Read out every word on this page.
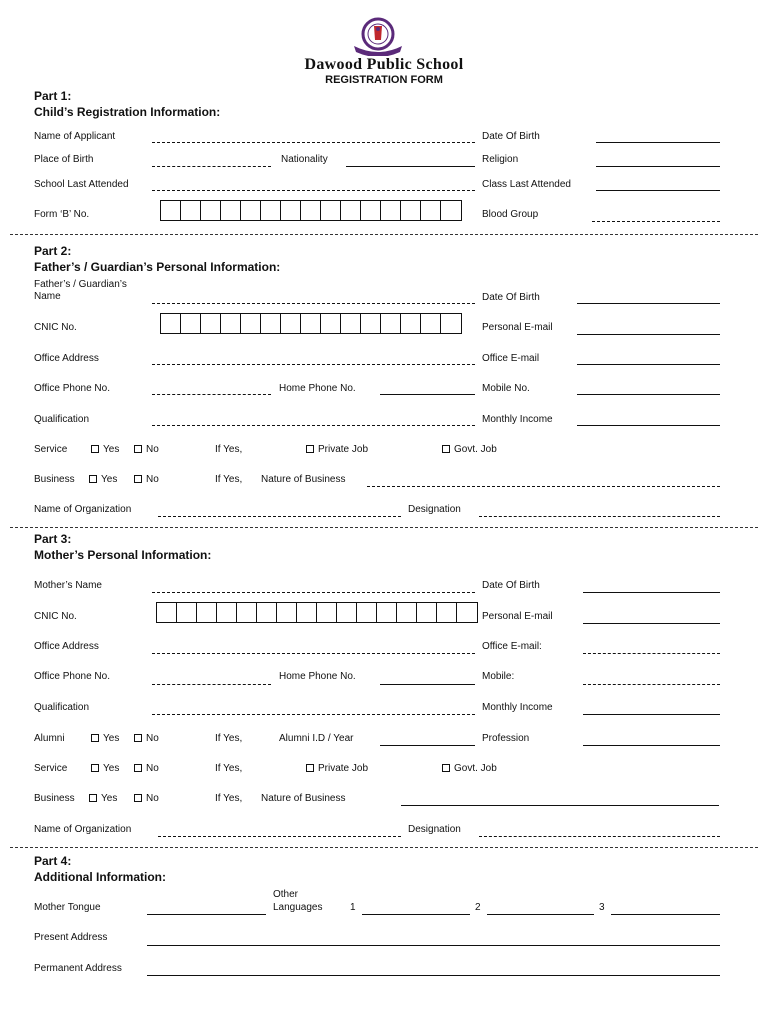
Dawood Public School
REGISTRATION FORM
Part 1:
Child’s Registration Information:
Name of Applicant	Date Of Birth
Place of Birth	Nationality	Religion
School Last Attended	Class Last Attended
Form ‘B’ No.	Blood Group
Part 2:
Father’s / Guardian’s Personal Information:
Father’s / Guardian’s
Name	Date Of Birth
CNIC No.	Personal E-mail
Office Address	Office E-mail
Office Phone No.	Home Phone No.	Mobile No.
Qualification	Monthly Income
Service	Yes	No	If Yes,	Private Job	Govt. Job
Business	Yes	No	If Yes, Nature of Business
Name of Organization	Designation
Part 3:
Mother’s Personal Information:
Mother’s Name	Date Of Birth
CNIC No.	Personal E-mail
Office Address	Office E-mail:
Office Phone No.	Home Phone No.	Mobile:
Qualification	Monthly Income
Alumni	Yes	No	If Yes,	Alumni I.D / Year	Profession
Service	Yes	No	If Yes,	Private Job	Govt. Job
Business	Yes	No	If Yes, Nature of Business
Name of Organization	Designation
Part 4:
Additional Information:
Mother Tongue
Other
Languages	1	2	3
Present Address
Permanent Address
